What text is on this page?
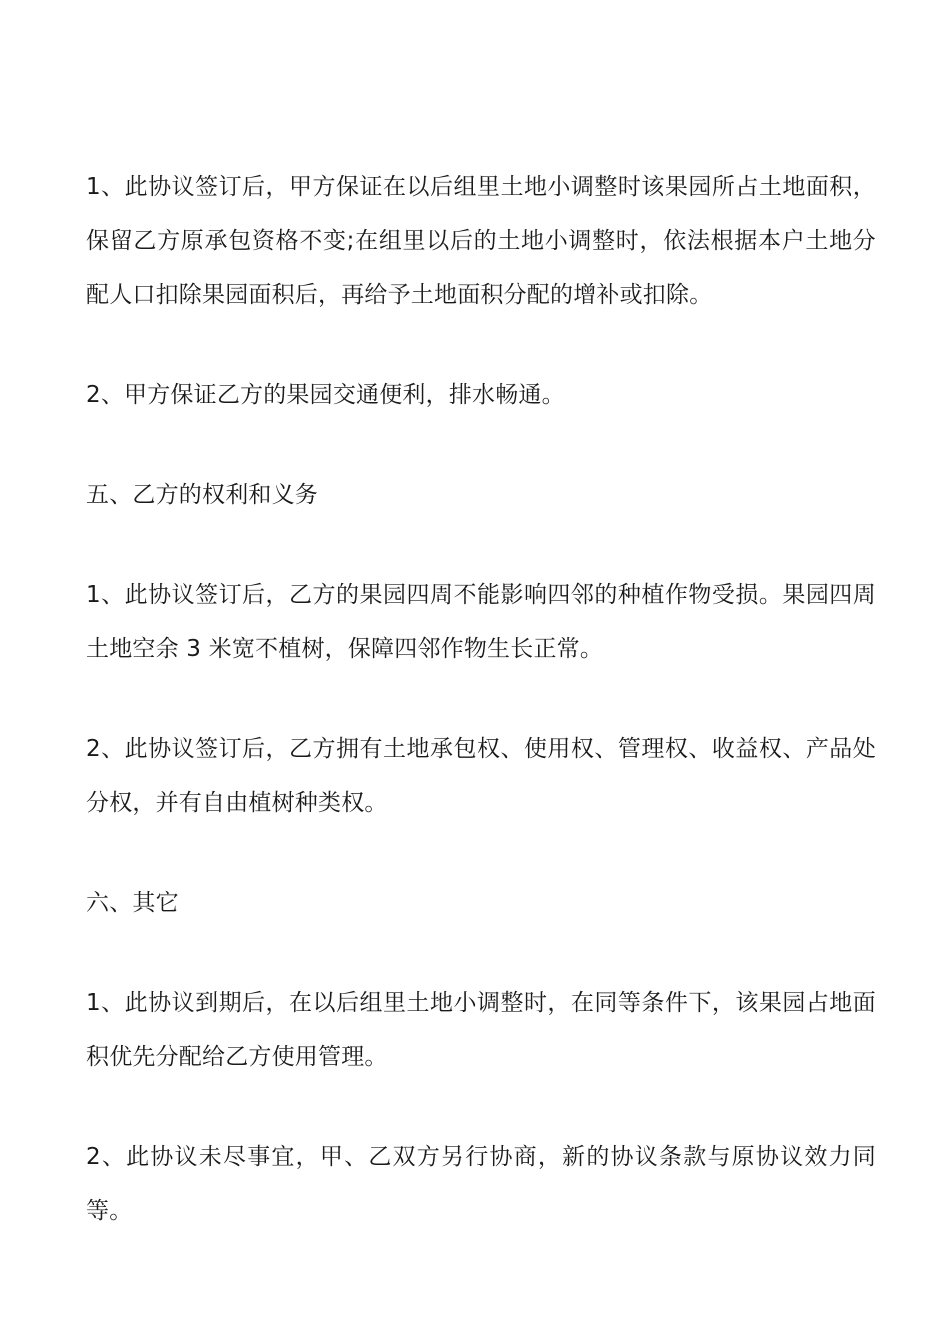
1、此协议签订后，甲方保证在以后组里土地小调整时该果园所占土地面积，保留乙方原承包资格不变;在组里以后的土地小调整时，依法根据本户土地分配人口扣除果园面积后，再给予土地面积分配的增补或扣除。

2、甲方保证乙方的果园交通便利，排水畅通。

五、乙方的权利和义务

1、此协议签订后，乙方的果园四周不能影响四邻的种植作物受损。果园四周土地空余 3 米宽不植树，保障四邻作物生长正常。

2、此协议签订后，乙方拥有土地承包权、使用权、管理权、收益权、产品处分权，并有自由植树种类权。

六、其它

1、此协议到期后，在以后组里土地小调整时，在同等条件下，该果园占地面积优先分配给乙方使用管理。

2、此协议未尽事宜，甲、乙双方另行协商，新的协议条款与原协议效力同等。
